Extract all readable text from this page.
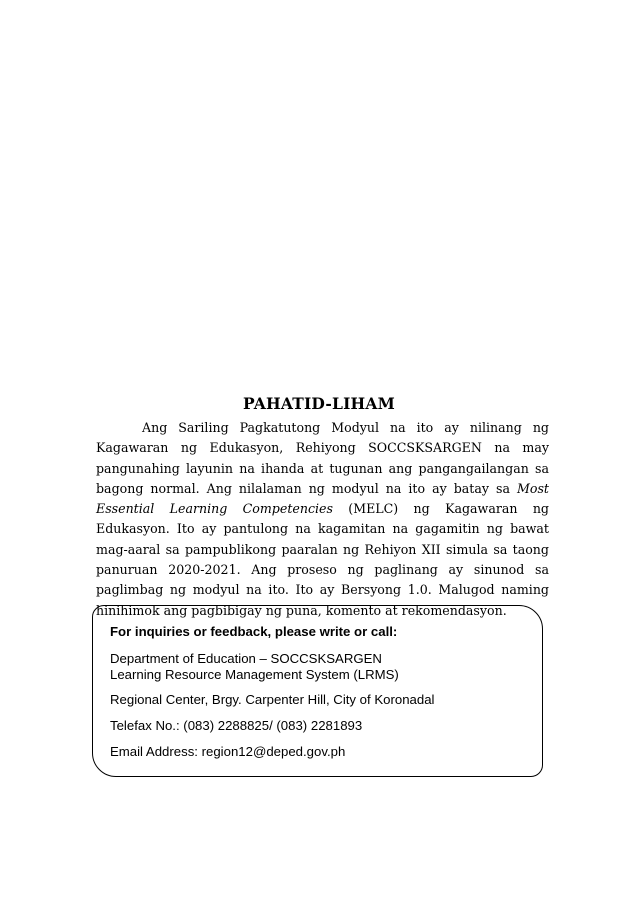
PAHATID-LIHAM

Ang Sariling Pagkatutong Modyul na ito ay nilinang ng Kagawaran ng Edukasyon, Rehiyong SOCCSKSARGEN na may pangunahing layunin na ihanda at tugunan ang pangangailangan sa bagong normal. Ang nilalaman ng modyul na ito ay batay sa Most Essential Learning Competencies (MELC) ng Kagawaran ng Edukasyon. Ito ay pantulong na kagamitan na gagamitin ng bawat mag-aaral sa pampublikong paaralan ng Rehiyon XII simula sa taong panuruan 2020-2021. Ang proseso ng paglinang ay sinunod sa paglimbag ng modyul na ito. Ito ay Bersyong 1.0. Malugod naming hinihimok ang pagbibigay ng puna, komento at rekomendasyon.

For inquiries or feedback, please write or call:
Department of Education – SOCCSKSARGEN
Learning Resource Management System (LRMS)
Regional Center, Brgy. Carpenter Hill, City of Koronadal
Telefax No.: (083) 2288825/ (083) 2281893
Email Address: region12@deped.gov.ph
